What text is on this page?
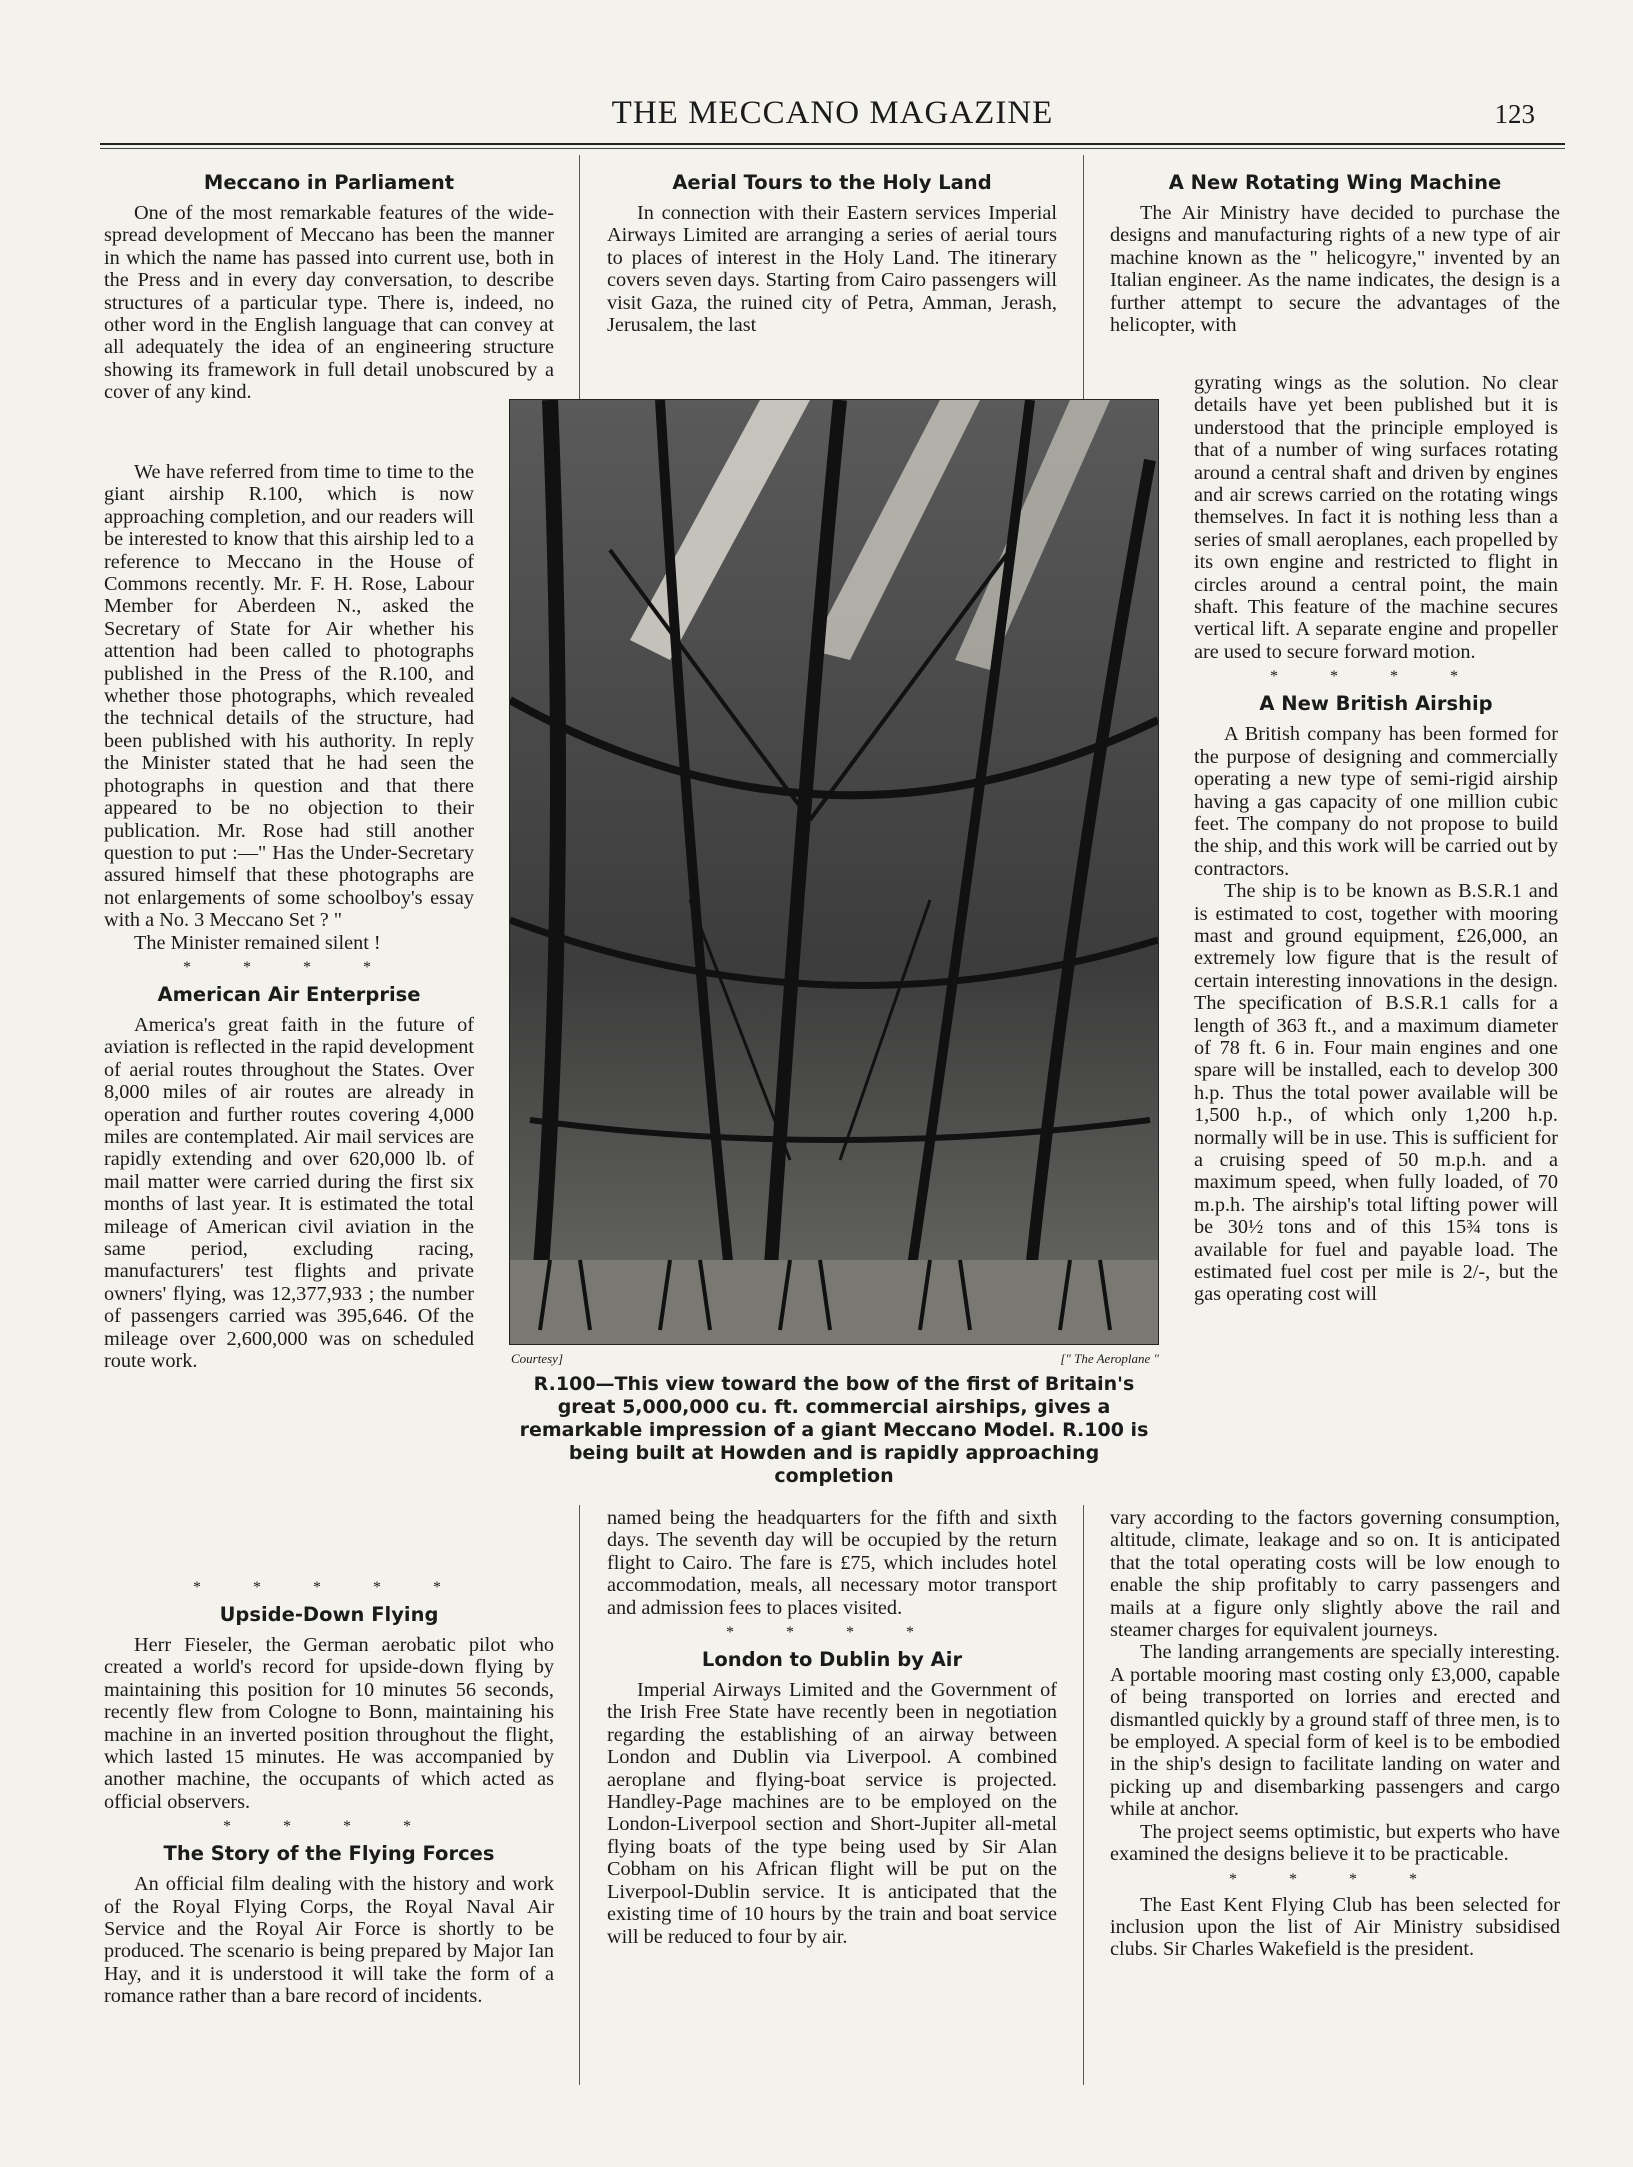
THE MECCANO MAGAZINE	123
Meccano in Parliament

One of the most remarkable features of the wide-spread development of Meccano has been the manner in which the name has passed into current use, both in the Press and in every day conversation, to describe structures of a particular type. There is, indeed, no other word in the English language that can convey at all adequately the idea of an engineering structure showing its framework in full detail unobscured by a cover of any kind.

We have referred from time to time to the giant airship R.100, which is now approaching completion, and our readers will be interested to know that this airship led to a reference to Meccano in the House of Commons recently. Mr. F. H. Rose, Labour Member for Aberdeen N., asked the Secretary of State for Air whether his attention had been called to photographs published in the Press of the R.100, and whether those photographs, which revealed the technical details of the structure, had been published with his authority. In reply the Minister stated that he had seen the photographs in question and that there appeared to be no objection to their publication. Mr. Rose had still another question to put :—" Has the Under-Secretary assured himself that these photographs are not enlargements of some schoolboy's essay with a No. 3 Meccano Set ? "

The Minister remained silent !

* * * *
American Air Enterprise

America's great faith in the future of aviation is reflected in the rapid development of aerial routes throughout the States. Over 8,000 miles of air routes are already in operation and further routes covering 4,000 miles are contemplated. Air mail services are rapidly extending and over 620,000 lb. of mail matter were carried during the first six months of last year. It is estimated the total mileage of American civil aviation in the same period, excluding racing, manufacturers' test flights and private owners' flying, was 12,377,933 ; the number of passengers carried was 395,646. Of the mileage over 2,600,000 was on scheduled route work.

* * * * *
Upside-Down Flying

Herr Fieseler, the German aerobatic pilot who created a world's record for upside-down flying by maintaining this position for 10 minutes 56 seconds, recently flew from Cologne to Bonn, maintaining his machine in an inverted position throughout the flight, which lasted 15 minutes. He was accompanied by another machine, the occupants of which acted as official observers.

* * * *
The Story of the Flying Forces

An official film dealing with the history and work of the Royal Flying Corps, the Royal Naval Air Service and the Royal Air Force is shortly to be produced. The scenario is being prepared by Major Ian Hay, and it is understood it will take the form of a romance rather than a bare record of incidents.

Aerial Tours to the Holy Land

In connection with their Eastern services Imperial Airways Limited are arranging a series of aerial tours to places of interest in the Holy Land. The itinerary covers seven days. Starting from Cairo passengers will visit Gaza, the ruined city of Petra, Amman, Jerash, Jerusalem, the last

named being the headquarters for the fifth and sixth days. The seventh day will be occupied by the return flight to Cairo. The fare is £75, which includes hotel accommodation, meals, all necessary motor transport and admission fees to places visited.

* * * *
London to Dublin by Air

Imperial Airways Limited and the Government of the Irish Free State have recently been in negotiation regarding the establishing of an airway between London and Dublin via Liverpool. A combined aeroplane and flying-boat service is projected. Handley-Page machines are to be employed on the London-Liverpool section and Short-Jupiter all-metal flying boats of the type being used by Sir Alan Cobham on his African flight will be put on the Liverpool-Dublin service. It is anticipated that the existing time of 10 hours by the train and boat service will be reduced to four by air.

Courtesy]	[" The Aeroplane "
R.100—This view toward the bow of the first of Britain's great 5,000,000 cu. ft. commercial airships, gives a remarkable impression of a giant Meccano Model. R.100 is being built at Howden and is rapidly approaching completion
A New Rotating Wing Machine

The Air Ministry have decided to purchase the designs and manufacturing rights of a new type of air machine known as the " helicogyre," invented by an Italian engineer. As the name indicates, the design is a further attempt to secure the advantages of the helicopter, with

gyrating wings as the solution. No clear details have yet been published but it is understood that the principle employed is that of a number of wing surfaces rotating around a central shaft and driven by engines and air screws carried on the rotating wings themselves. In fact it is nothing less than a series of small aeroplanes, each propelled by its own engine and restricted to flight in circles around a central point, the main shaft. This feature of the machine secures vertical lift. A separate engine and propeller are used to secure forward motion.

* * * *
A New British Airship

A British company has been formed for the purpose of designing and commercially operating a new type of semi-rigid airship having a gas capacity of one million cubic feet. The company do not propose to build the ship, and this work will be carried out by contractors.

The ship is to be known as B.S.R.1 and is estimated to cost, together with mooring mast and ground equipment, £26,000, an extremely low figure that is the result of certain interesting innovations in the design. The specification of B.S.R.1 calls for a length of 363 ft., and a maximum diameter of 78 ft. 6 in. Four main engines and one spare will be installed, each to develop 300 h.p. Thus the total power available will be 1,500 h.p., of which only 1,200 h.p. normally will be in use. This is sufficient for a cruising speed of 50 m.p.h. and a maximum speed, when fully loaded, of 70 m.p.h. The airship's total lifting power will be 30½ tons and of this 15¾ tons is available for fuel and payable load. The estimated fuel cost per mile is 2/-, but the gas operating cost will

vary according to the factors governing consumption, altitude, climate, leakage and so on. It is anticipated that the total operating costs will be low enough to enable the ship profitably to carry passengers and mails at a figure only slightly above the rail and steamer charges for equivalent journeys.

The landing arrangements are specially interesting. A portable mooring mast costing only £3,000, capable of being transported on lorries and erected and dismantled quickly by a ground staff of three men, is to be employed. A special form of keel is to be embodied in the ship's design to facilitate landing on water and picking up and disembarking passengers and cargo while at anchor.

The project seems optimistic, but experts who have examined the designs believe it to be practicable.

* * * *

The East Kent Flying Club has been selected for inclusion upon the list of Air Ministry subsidised clubs. Sir Charles Wakefield is the president.
